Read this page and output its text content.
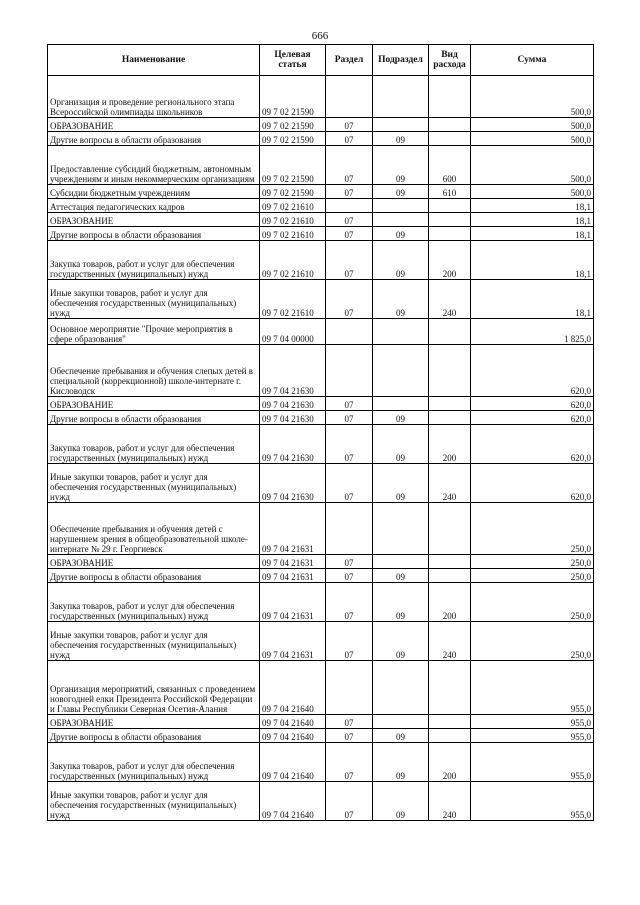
666
Наименование	Целевая статья	Раздел	Подраздел	Вид расхода	Сумма
Организация и проведение регионального этапа Всероссийской олимпиады школьников	09 7 02 21590				500,0
ОБРАЗОВАНИЕ	09 7 02 21590	07			500,0
Другие вопросы в области образования	09 7 02 21590	07	09		500,0
Предоставление субсидий бюджетным, автономным учреждениям и иным некоммерческим организациям	09 7 02 21590	07	09	600	500,0
Субсидии бюджетным учреждениям	09 7 02 21590	07	09	610	500,0
Аттестация педагогических кадров	09 7 02 21610				18,1
ОБРАЗОВАНИЕ	09 7 02 21610	07			18,1
Другие вопросы в области образования	09 7 02 21610	07	09		18,1
Закупка товаров, работ и услуг для обеспечения государственных (муниципальных) нужд	09 7 02 21610	07	09	200	18,1
Иные закупки товаров, работ и услуг для обеспечения государственных (муниципальных) нужд	09 7 02 21610	07	09	240	18,1
Основное мероприятие "Прочие мероприятия в сфере образования"	09 7 04 00000				1 825,0
Обеспечение пребывания и обучения слепых детей в специальной (коррекционной) школе-интернате г. Кисловодск	09 7 04 21630				620,0
ОБРАЗОВАНИЕ	09 7 04 21630	07			620,0
Другие вопросы в области образования	09 7 04 21630	07	09		620,0
Закупка товаров, работ и услуг для обеспечения государственных (муниципальных) нужд	09 7 04 21630	07	09	200	620,0
Иные закупки товаров, работ и услуг для обеспечения государственных (муниципальных) нужд	09 7 04 21630	07	09	240	620,0
Обеспечение пребывания и обучения детей с нарушением зрения в общеобразовательной школе-интернате № 29 г. Георгиевск	09 7 04 21631				250,0
ОБРАЗОВАНИЕ	09 7 04 21631	07			250,0
Другие вопросы в области образования	09 7 04 21631	07	09		250,0
Закупка товаров, работ и услуг для обеспечения государственных (муниципальных) нужд	09 7 04 21631	07	09	200	250,0
Иные закупки товаров, работ и услуг для обеспечения государственных (муниципальных) нужд	09 7 04 21631	07	09	240	250,0
Организация мероприятий, связанных с проведением новогодней елки Президента Российской Федерации и Главы Республики Северная Осетия-Алания	09 7 04 21640				955,0
ОБРАЗОВАНИЕ	09 7 04 21640	07			955,0
Другие вопросы в области образования	09 7 04 21640	07	09		955,0
Закупка товаров, работ и услуг для обеспечения государственных (муниципальных) нужд	09 7 04 21640	07	09	200	955,0
Иные закупки товаров, работ и услуг для обеспечения государственных (муниципальных) нужд	09 7 04 21640	07	09	240	955,0
